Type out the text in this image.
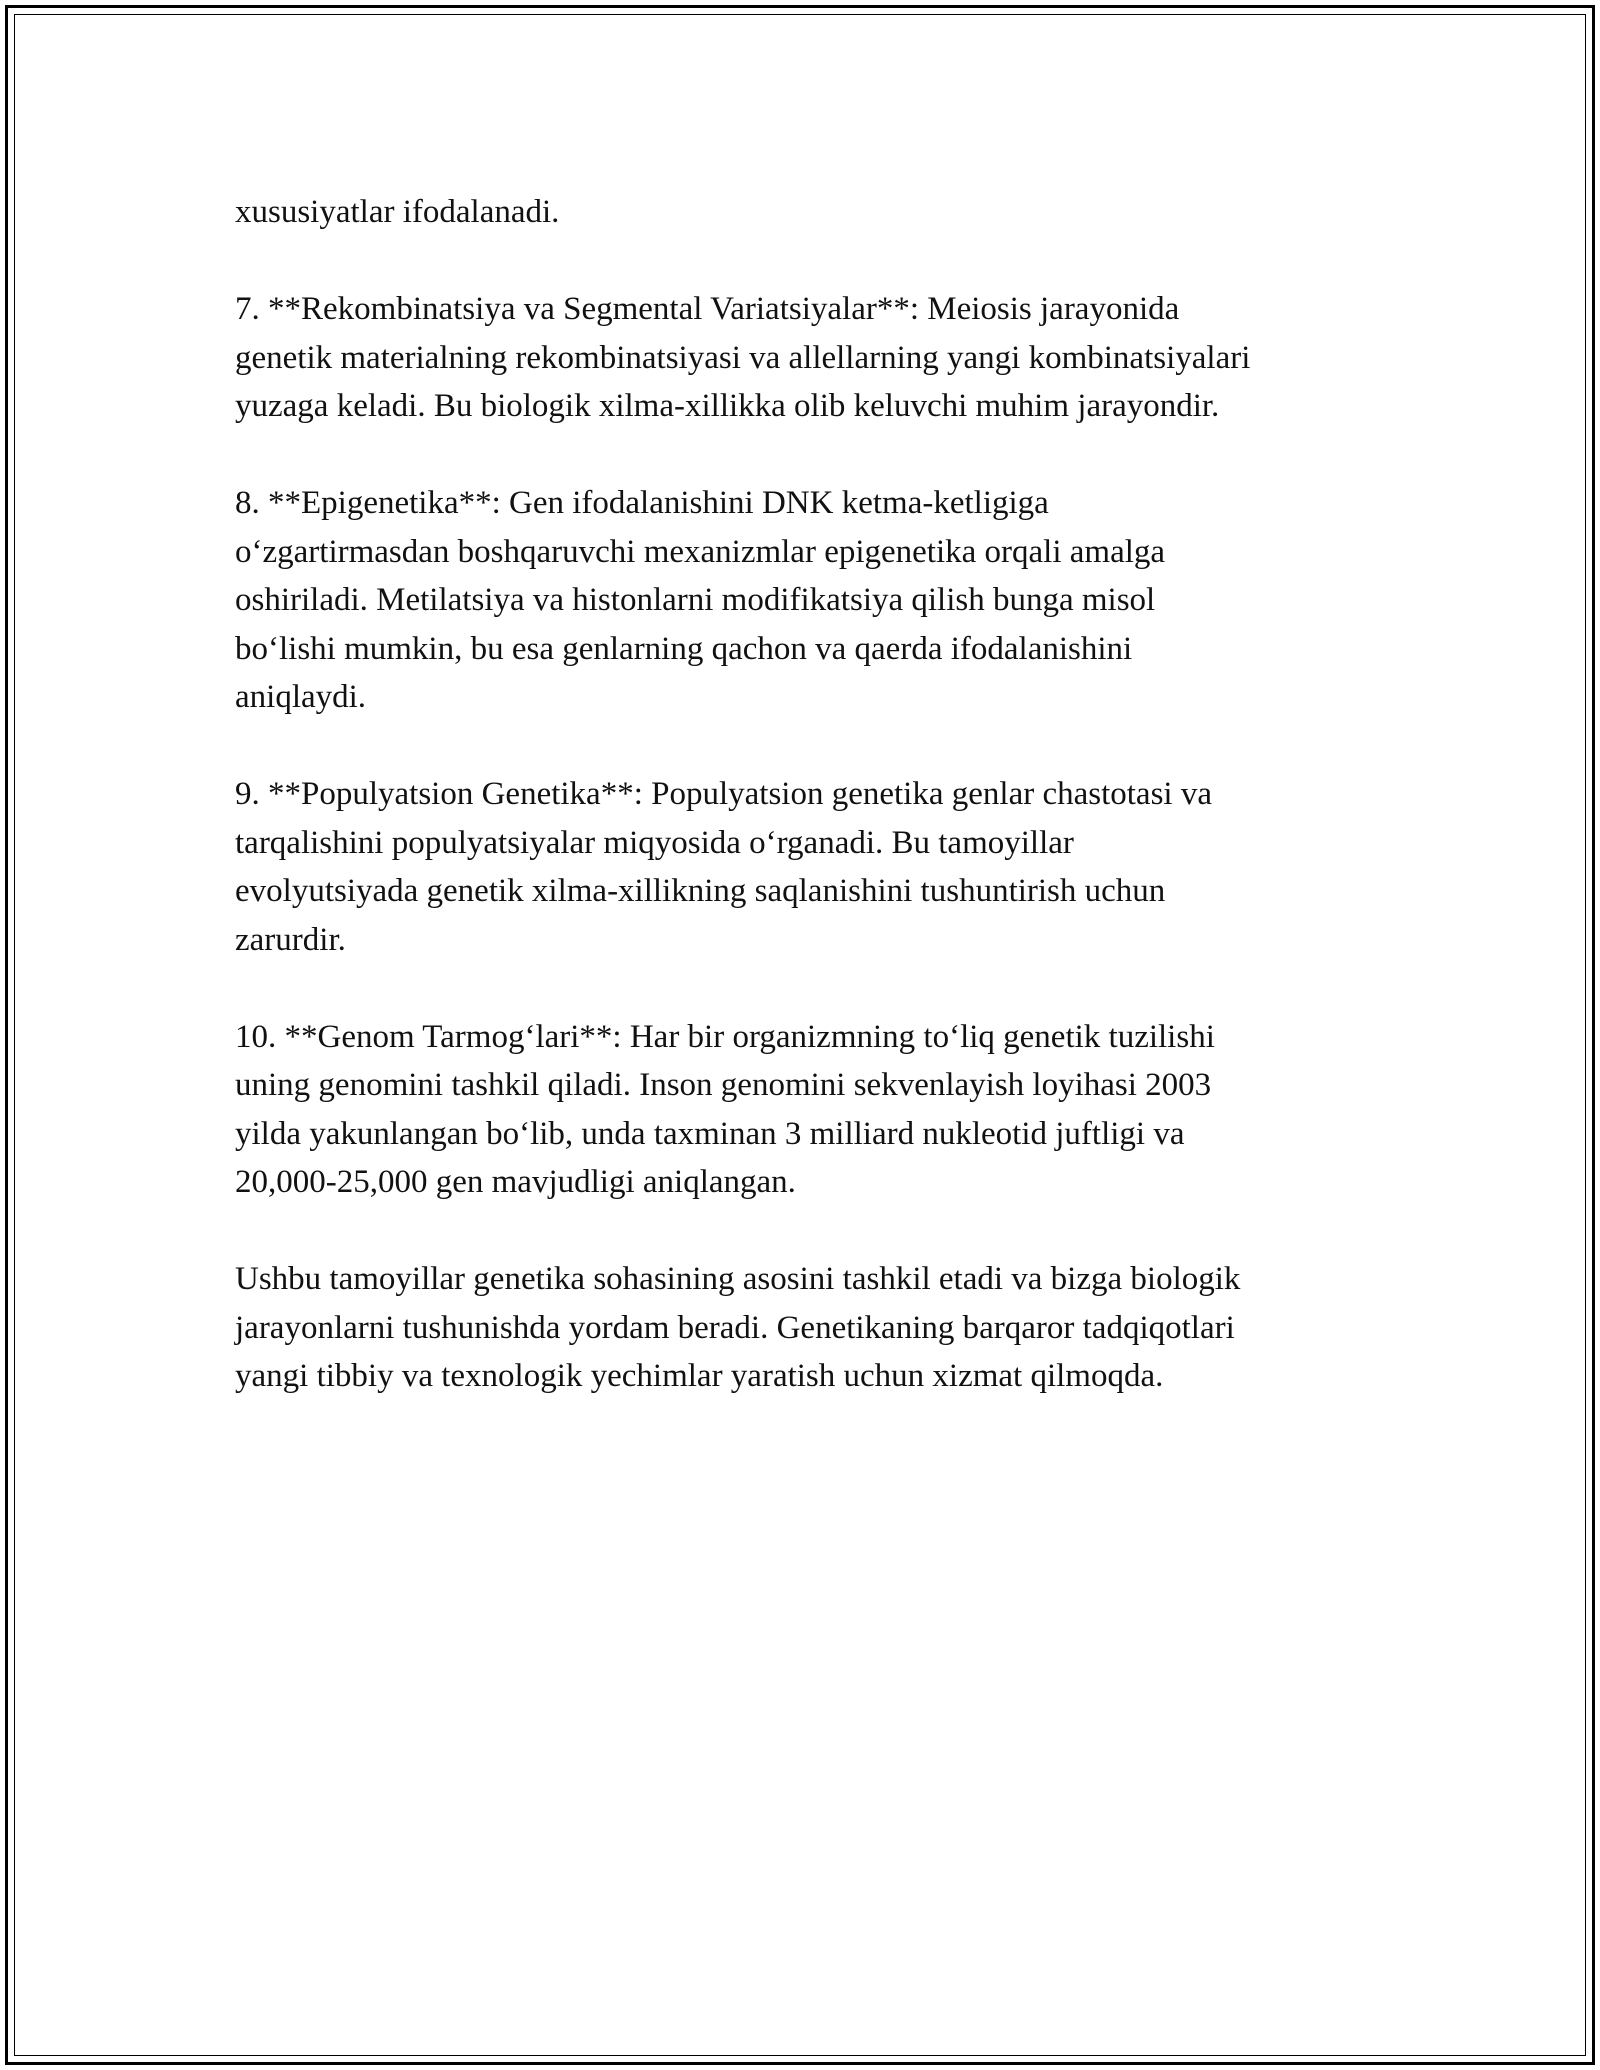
xususiyatlar ifodalanadi.
7. **Rekombinatsiya va Segmental Variatsiyalar**: Meiosis jarayonida
genetik materialning rekombinatsiyasi va allellarning yangi kombinatsiyalari
yuzaga keladi. Bu biologik xilma-xillikka olib keluvchi muhim jarayondir.
8. **Epigenetika**: Gen ifodalanishini DNK ketma-ketligiga
o‘zgartirmasdan boshqaruvchi mexanizmlar epigenetika orqali amalga
oshiriladi. Metilatsiya va histonlarni modifikatsiya qilish bunga misol
bo‘lishi mumkin, bu esa genlarning qachon va qaerda ifodalanishini
aniqlaydi.
9. **Populyatsion Genetika**: Populyatsion genetika genlar chastotasi va
tarqalishini populyatsiyalar miqyosida o‘rganadi. Bu tamoyillar
evolyutsiyada genetik xilma-xillikning saqlanishini tushuntirish uchun
zarurdir.
10. **Genom Tarmog‘lari**: Har bir organizmning to‘liq genetik tuzilishi
uning genomini tashkil qiladi. Inson genomini sekvenlayish loyihasi 2003
yilda yakunlangan bo‘lib, unda taxminan 3 milliard nukleotid juftligi va
20,000-25,000 gen mavjudligi aniqlangan.
Ushbu tamoyillar genetika sohasining asosini tashkil etadi va bizga biologik
jarayonlarni tushunishda yordam beradi. Genetikaning barqaror tadqiqotlari
yangi tibbiy va texnologik yechimlar yaratish uchun xizmat qilmoqda.
